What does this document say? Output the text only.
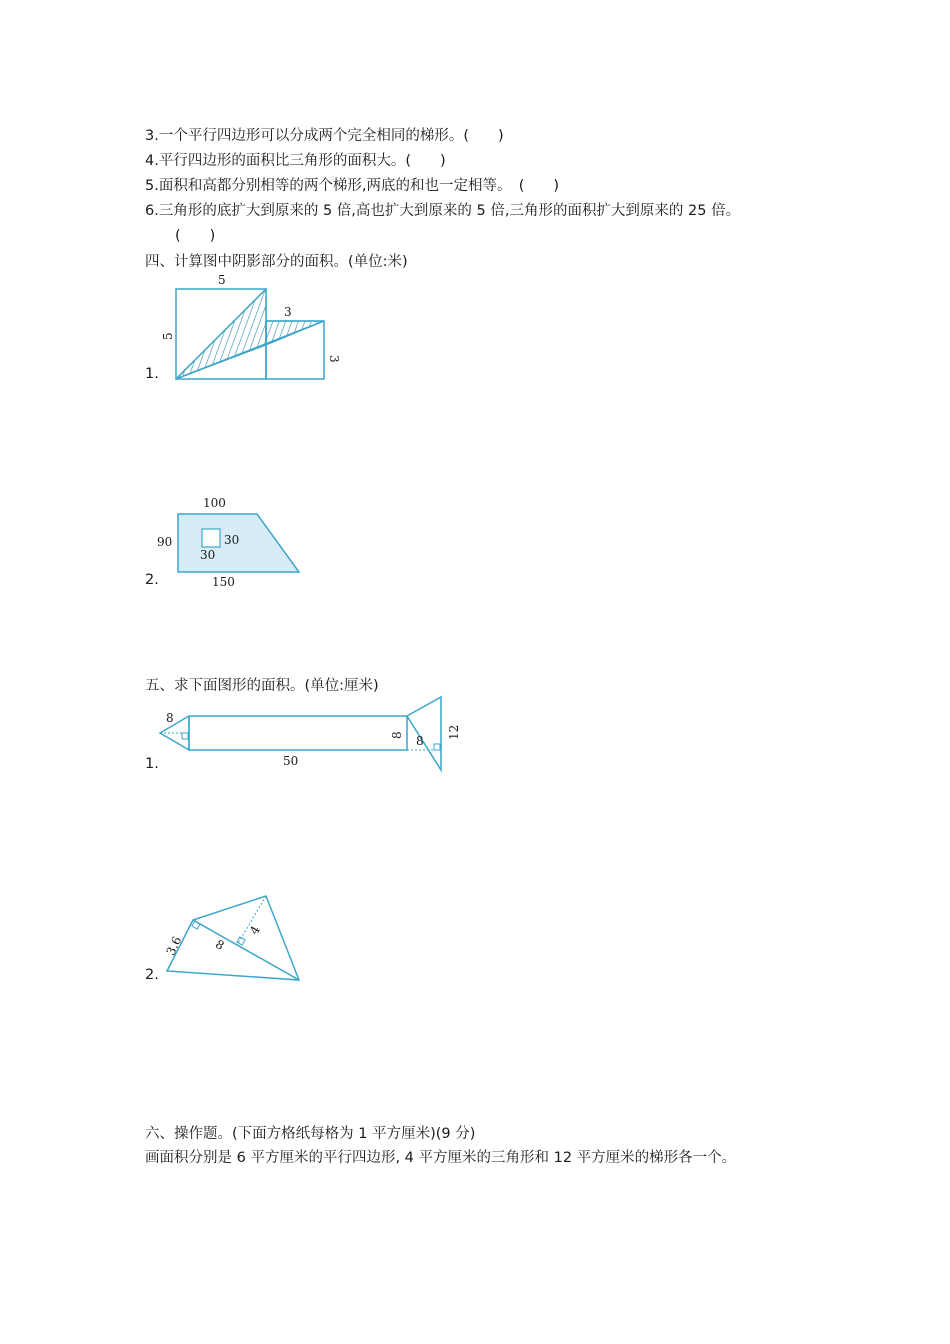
3.一个平行四边形可以分成两个完全相同的梯形。(　　)
4.平行四边形的面积比三角形的面积大。(　　)
5.面积和高都分别相等的两个梯形,两底的和也一定相等。　(　　)
6.三角形的底扩大到原来的 5 倍,高也扩大到原来的 5 倍,三角形的面积扩大到原来的 25 倍。
(　　)
四、计算图中阴影部分的面积。(单位:米)
1.
5
5
3
3
2.
100
90	30
30
150
五、求下面图形的面积。(单位:厘米)
1.
8
50
8 8
12
2.
3.6 8
4
六、操作题。(下面方格纸每格为 1 平方厘米)(9 分)
画面积分别是 6 平方厘米的平行四边形, 4 平方厘米的三角形和 12 平方厘米的梯形各一个。
